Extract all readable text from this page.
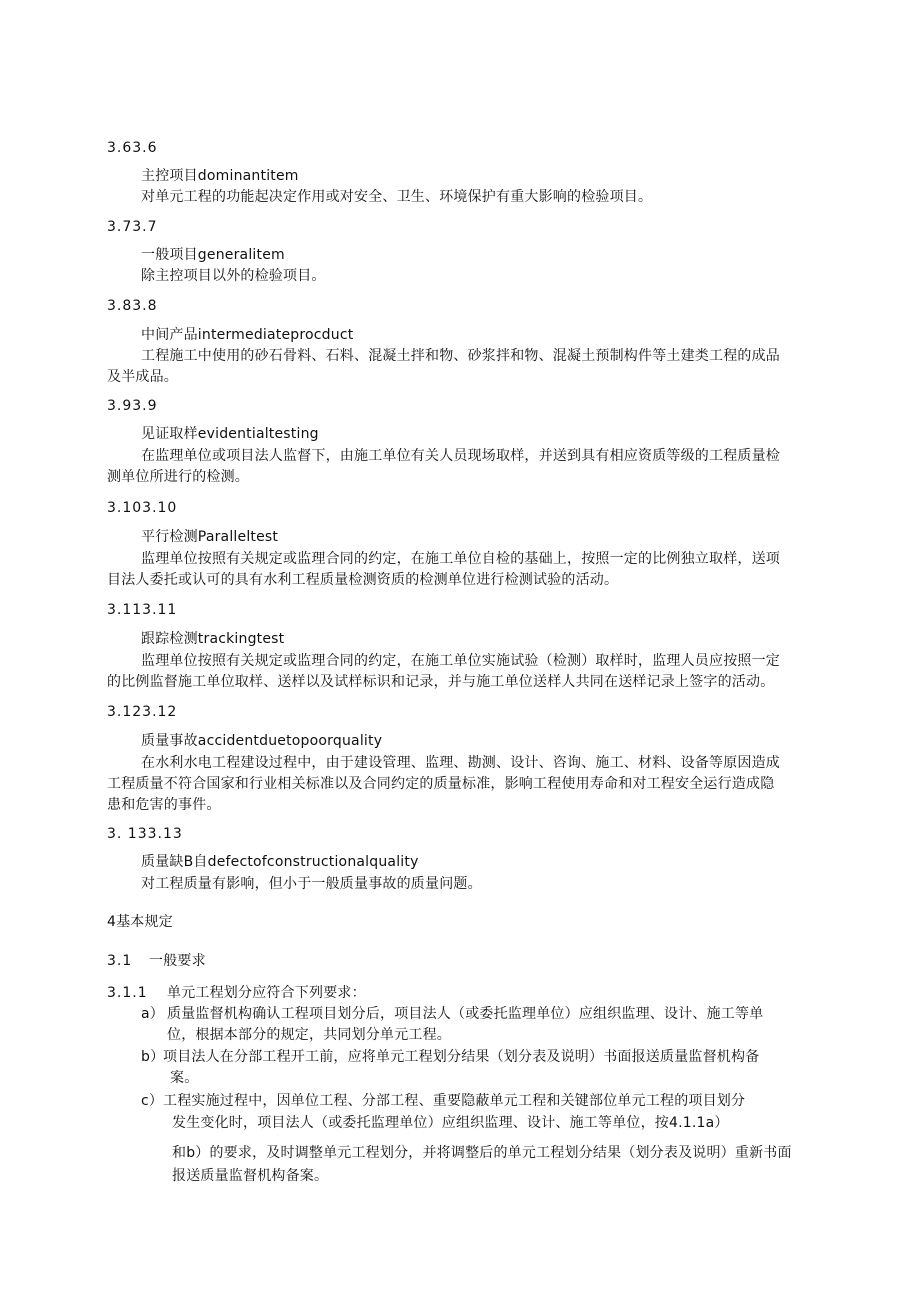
3.63.6
主控项目dominantitem
对单元工程的功能起决定作用或对安全、卫生、环境保护有重大影响的检验项目。
3.73.7
一般项目generalitem
除主控项目以外的检验项目。
3.83.8
中间产品intermediateprocduct
工程施工中使用的砂石骨料、石料、混凝土拌和物、砂浆拌和物、混凝土预制构件等土建类工程的成品
及半成品。
3.93.9
见证取样evidentialtesting
在监理单位或项目法人监督下，由施工单位有关人员现场取样，并送到具有相应资质等级的工程质量检
测单位所进行的检测。
3.103.10
平行检测Paralleltest
监理单位按照有关规定或监理合同的约定，在施工单位自检的基础上，按照一定的比例独立取样，送项
目法人委托或认可的具有水利工程质量检测资质的检测单位进行检测试验的活动。
3.113.11
跟踪检测trackingtest
监理单位按照有关规定或监理合同的约定，在施工单位实施试验（检测）取样时，监理人员应按照一定
的比例监督施工单位取样、送样以及试样标识和记录，并与施工单位送样人共同在送样记录上签字的活动。
3.123.12
质量事故accidentduetopoorquality
在水利水电工程建设过程中，由于建设管理、监理、勘测、设计、咨询、施工、材料、设备等原因造成
工程质量不符合国家和行业相关标准以及合同约定的质量标准，影响工程使用寿命和对工程安全运行造成隐
患和危害的事件。
3. 133.13
质量缺B自defectofconstructionalquality
对工程质量有影响，但小于一般质量事故的质量问题。
4基本规定
3.1 一般要求
3.1.1 单元工程划分应符合下列要求：
a） 质量监督机构确认工程项目划分后，项目法人（或委托监理单位）应组织监理、设计、施工等单
位，根据本部分的规定，共同划分单元工程。
b）
项目法人在分部工程开工前，应将单元工程划分结果（划分表及说明）书面报送质量监督机构备
案。
c） 工程实施过程中，因单位工程、分部工程、重要隐蔽单元工程和关键部位单元工程的项目划分
发生变化时，项目法人（或委托监理单位）应组织监理、设计、施工等单位，按4.1.1a）
和b）的要求，及时调整单元工程划分，并将调整后的单元工程划分结果（划分表及说明）重新书面
报送质量监督机构备案。
